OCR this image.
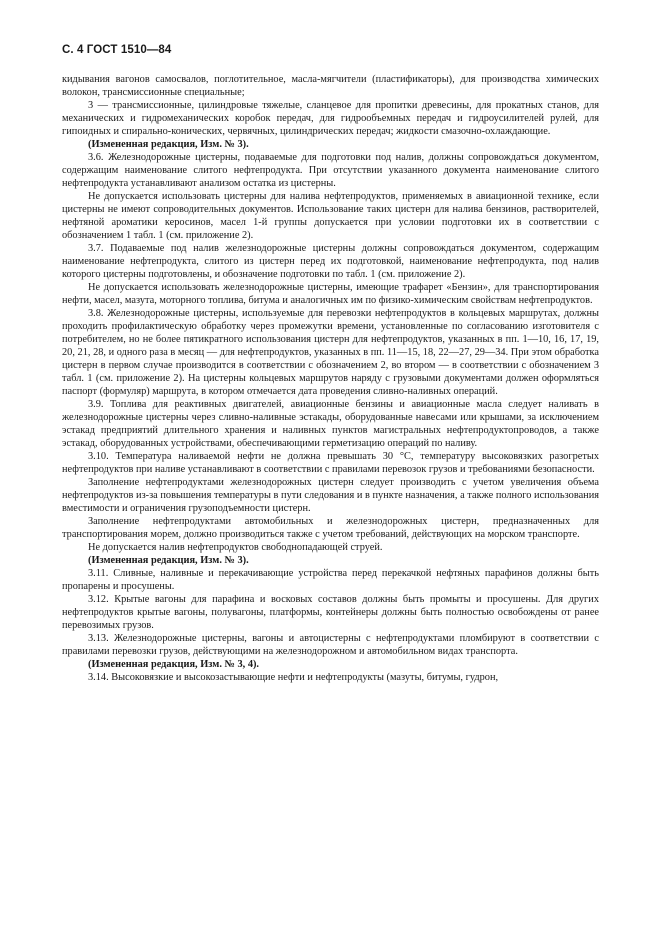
С. 4 ГОСТ 1510—84

кидывания вагонов самосвалов, поглотительное, масла-мягчители (пластификаторы), для производства химических волокон, трансмиссионные специальные;

3 — трансмиссионные, цилиндровые тяжелые, сланцевое для пропитки древесины, для прокатных станов, для механических и гидромеханических коробок передач, для гидрообъемных передач и гидроусилителей рулей, для гипоидных и спирально-конических, червячных, цилиндрических передач; жидкости смазочно-охлаждающие.

(Измененная редакция, Изм. № 3).

3.6. Железнодорожные цистерны, подаваемые для подготовки под налив, должны сопровождаться документом, содержащим наименование слитого нефтепродукта. При отсутствии указанного документа наименование слитого нефтепродукта устанавливают анализом остатка из цистерны.

Не допускается использовать цистерны для налива нефтепродуктов, применяемых в авиационной технике, если цистерны не имеют сопроводительных документов. Использование таких цистерн для налива бензинов, растворителей, нефтяной ароматики керосинов, масел 1-й группы допускается при условии подготовки их в соответствии с обозначением 1 табл. 1 (см. приложение 2).

3.7. Подаваемые под налив железнодорожные цистерны должны сопровождаться документом, содержащим наименование нефтепродукта, слитого из цистерн перед их подготовкой, наименование нефтепродукта, под налив которого цистерны подготовлены, и обозначение подготовки по табл. 1 (см. приложение 2).

Не допускается использовать железнодорожные цистерны, имеющие трафарет «Бензин», для транспортирования нефти, масел, мазута, моторного топлива, битума и аналогичных им по физико-химическим свойствам нефтепродуктов.

3.8. Железнодорожные цистерны, используемые для перевозки нефтепродуктов в кольцевых маршрутах, должны проходить профилактическую обработку через промежутки времени, установленные по согласованию изготовителя с потребителем, но не более пятикратного использования цистерн для нефтепродуктов, указанных в пп. 1—10, 16, 17, 19, 20, 21, 28, и одного раза в месяц — для нефтепродуктов, указанных в пп. 11—15, 18, 22—27, 29—34. При этом обработка цистерн в первом случае производится в соответствии с обозначением 2, во втором — в соответствии с обозначением 3 табл. 1 (см. приложение 2). На цистерны кольцевых маршрутов наряду с грузовыми документами должен оформляться паспорт (формуляр) маршрута, в котором отмечается дата проведения сливно-наливных операций.

3.9. Топлива для реактивных двигателей, авиационные бензины и авиационные масла следует наливать в железнодорожные цистерны через сливно-наливные эстакады, оборудованные навесами или крышами, за исключением эстакад предприятий длительного хранения и наливных пунктов магистральных нефтепродуктопроводов, а также эстакад, оборудованных устройствами, обеспечивающими герметизацию операций по наливу.

3.10. Температура наливаемой нефти не должна превышать 30 °С, температуру высоковязких разогретых нефтепродуктов при наливе устанавливают в соответствии с правилами перевозок грузов и требованиями безопасности.

Заполнение нефтепродуктами железнодорожных цистерн следует производить с учетом увеличения объема нефтепродуктов из-за повышения температуры в пути следования и в пункте назначения, а также полного использования вместимости и ограничения грузоподъемности цистерн.

Заполнение нефтепродуктами автомобильных и железнодорожных цистерн, предназначенных для транспортирования морем, должно производиться также с учетом требований, действующих на морском транспорте.

Не допускается налив нефтепродуктов свободнопадающей струей.

(Измененная редакция, Изм. № 3).

3.11. Сливные, наливные и перекачивающие устройства перед перекачкой нефтяных парафинов должны быть пропарены и просушены.

3.12. Крытые вагоны для парафина и восковых составов должны быть промыты и просушены. Для других нефтепродуктов крытые вагоны, полувагоны, платформы, контейнеры должны быть полностью освобождены от ранее перевозимых грузов.

3.13. Железнодорожные цистерны, вагоны и автоцистерны с нефтепродуктами пломбируют в соответствии с правилами перевозки грузов, действующими на железнодорожном и автомобильном видах транспорта.

(Измененная редакция, Изм. № 3, 4).

3.14. Высоковязкие и высокозастывающие нефти и нефтепродукты (мазуты, битумы, гудрон,
